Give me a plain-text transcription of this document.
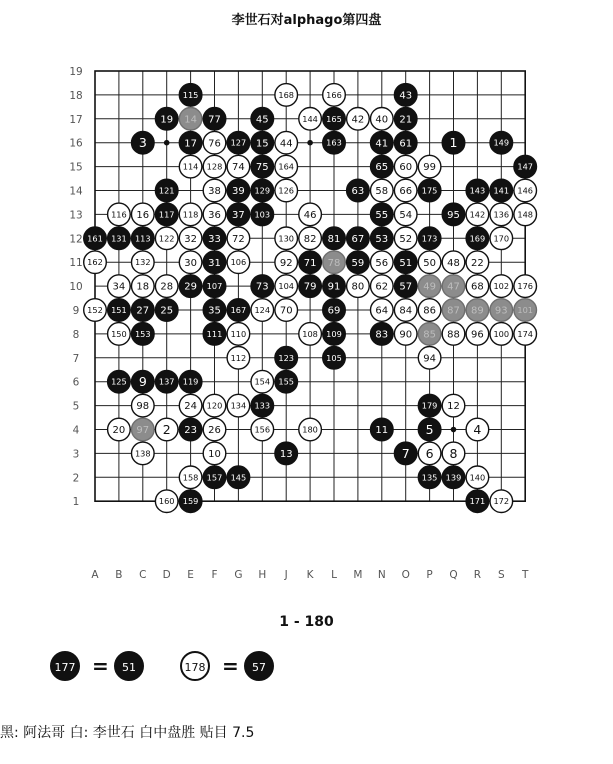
李世石对alphago第四盘
A B C D E F G H J K L M N O P Q R S T
19
18
17
16
15
14
13
12
11
10
9
8
7
6
5
4
3
2
1
115	168	166	43
19 14 77	45	144 165 42 40 21
3	17 76 127 15 44	163	41 61	1	149
114 128 74 75 164	65 60 99	147
121	38 39 129 126	63 58 66 175	143 141 146
116 16 117 118 36 37 103	46	55 54	95 142 136 148
161 131 113 122 32 33 72	130 82 81 67 53 52 173	169 170
162	132	30 31 106	92 71 78 59 56 51 50 48 22
34 18 28 29 107	73 104 79 91 80 62 57 49 47 68 102 176
152 151 27 25	35 167 124 70	69	64 84 86 87 89 93 101
150 153	111 110	108 109	83 90 85 88 96 100 174
112	123	105	94
125 9 137 119	154 155
98	24 120 134 133	179 12
20 97 2 23 26	156	180	11	5	4
138	10	13	7 6 8
158 157 145	135 139 140
160 159	171 172
1 - 180
177 =	51	178 =	57
黑: 阿法哥 白: 李世石 白中盘胜 贴目 7.5
